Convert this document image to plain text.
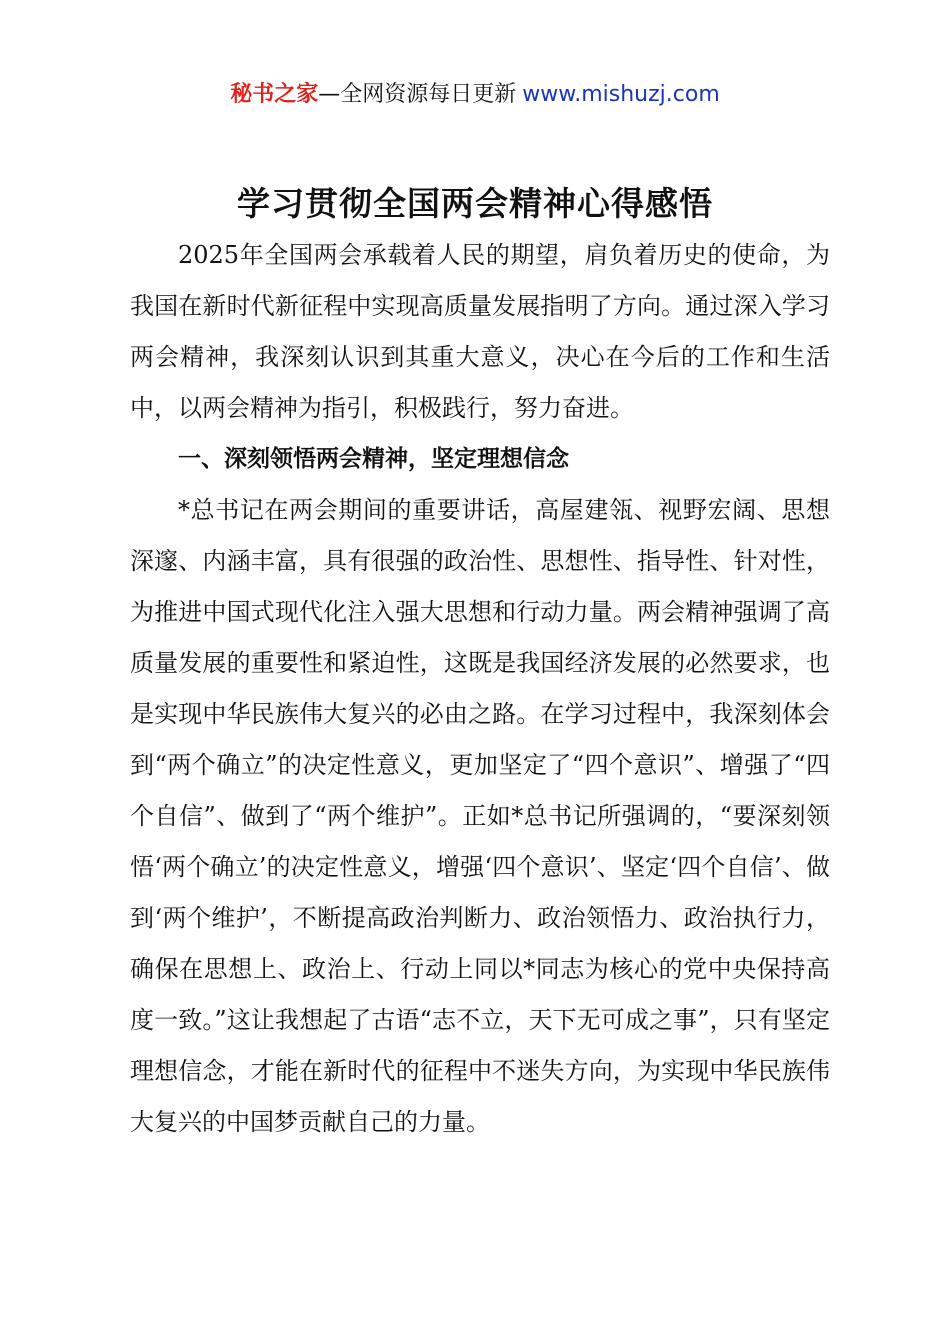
秘书之家—全网资源每日更新 www.mishuzj.com
学习贯彻全国两会精神心得感悟

2025年全国两会承载着人民的期望，肩负着历史的使命，为我国在新时代新征程中实现高质量发展指明了方向。通过深入学习两会精神，我深刻认识到其重大意义，决心在今后的工作和生活中，以两会精神为指引，积极践行，努力奋进。

一、深刻领悟两会精神，坚定理想信念

*总书记在两会期间的重要讲话，高屋建瓴、视野宏阔、思想深邃、内涵丰富，具有很强的政治性、思想性、指导性、针对性，为推进中国式现代化注入强大思想和行动力量。两会精神强调了高质量发展的重要性和紧迫性，这既是我国经济发展的必然要求，也是实现中华民族伟大复兴的必由之路。在学习过程中，我深刻体会到“两个确立”的决定性意义，更加坚定了“四个意识”、增强了“四个自信”、做到了“两个维护”。正如*总书记所强调的，“要深刻领悟‘两个确立’的决定性意义，增强‘四个意识’、坚定‘四个自信’、做到‘两个维护’，不断提高政治判断力、政治领悟力、政治执行力，确保在思想上、政治上、行动上同以*同志为核心的党中央保持高度一致。”这让我想起了古语“志不立，天下无可成之事”，只有坚定理想信念，才能在新时代的征程中不迷失方向，为实现中华民族伟大复兴的中国梦贡献自己的力量。
